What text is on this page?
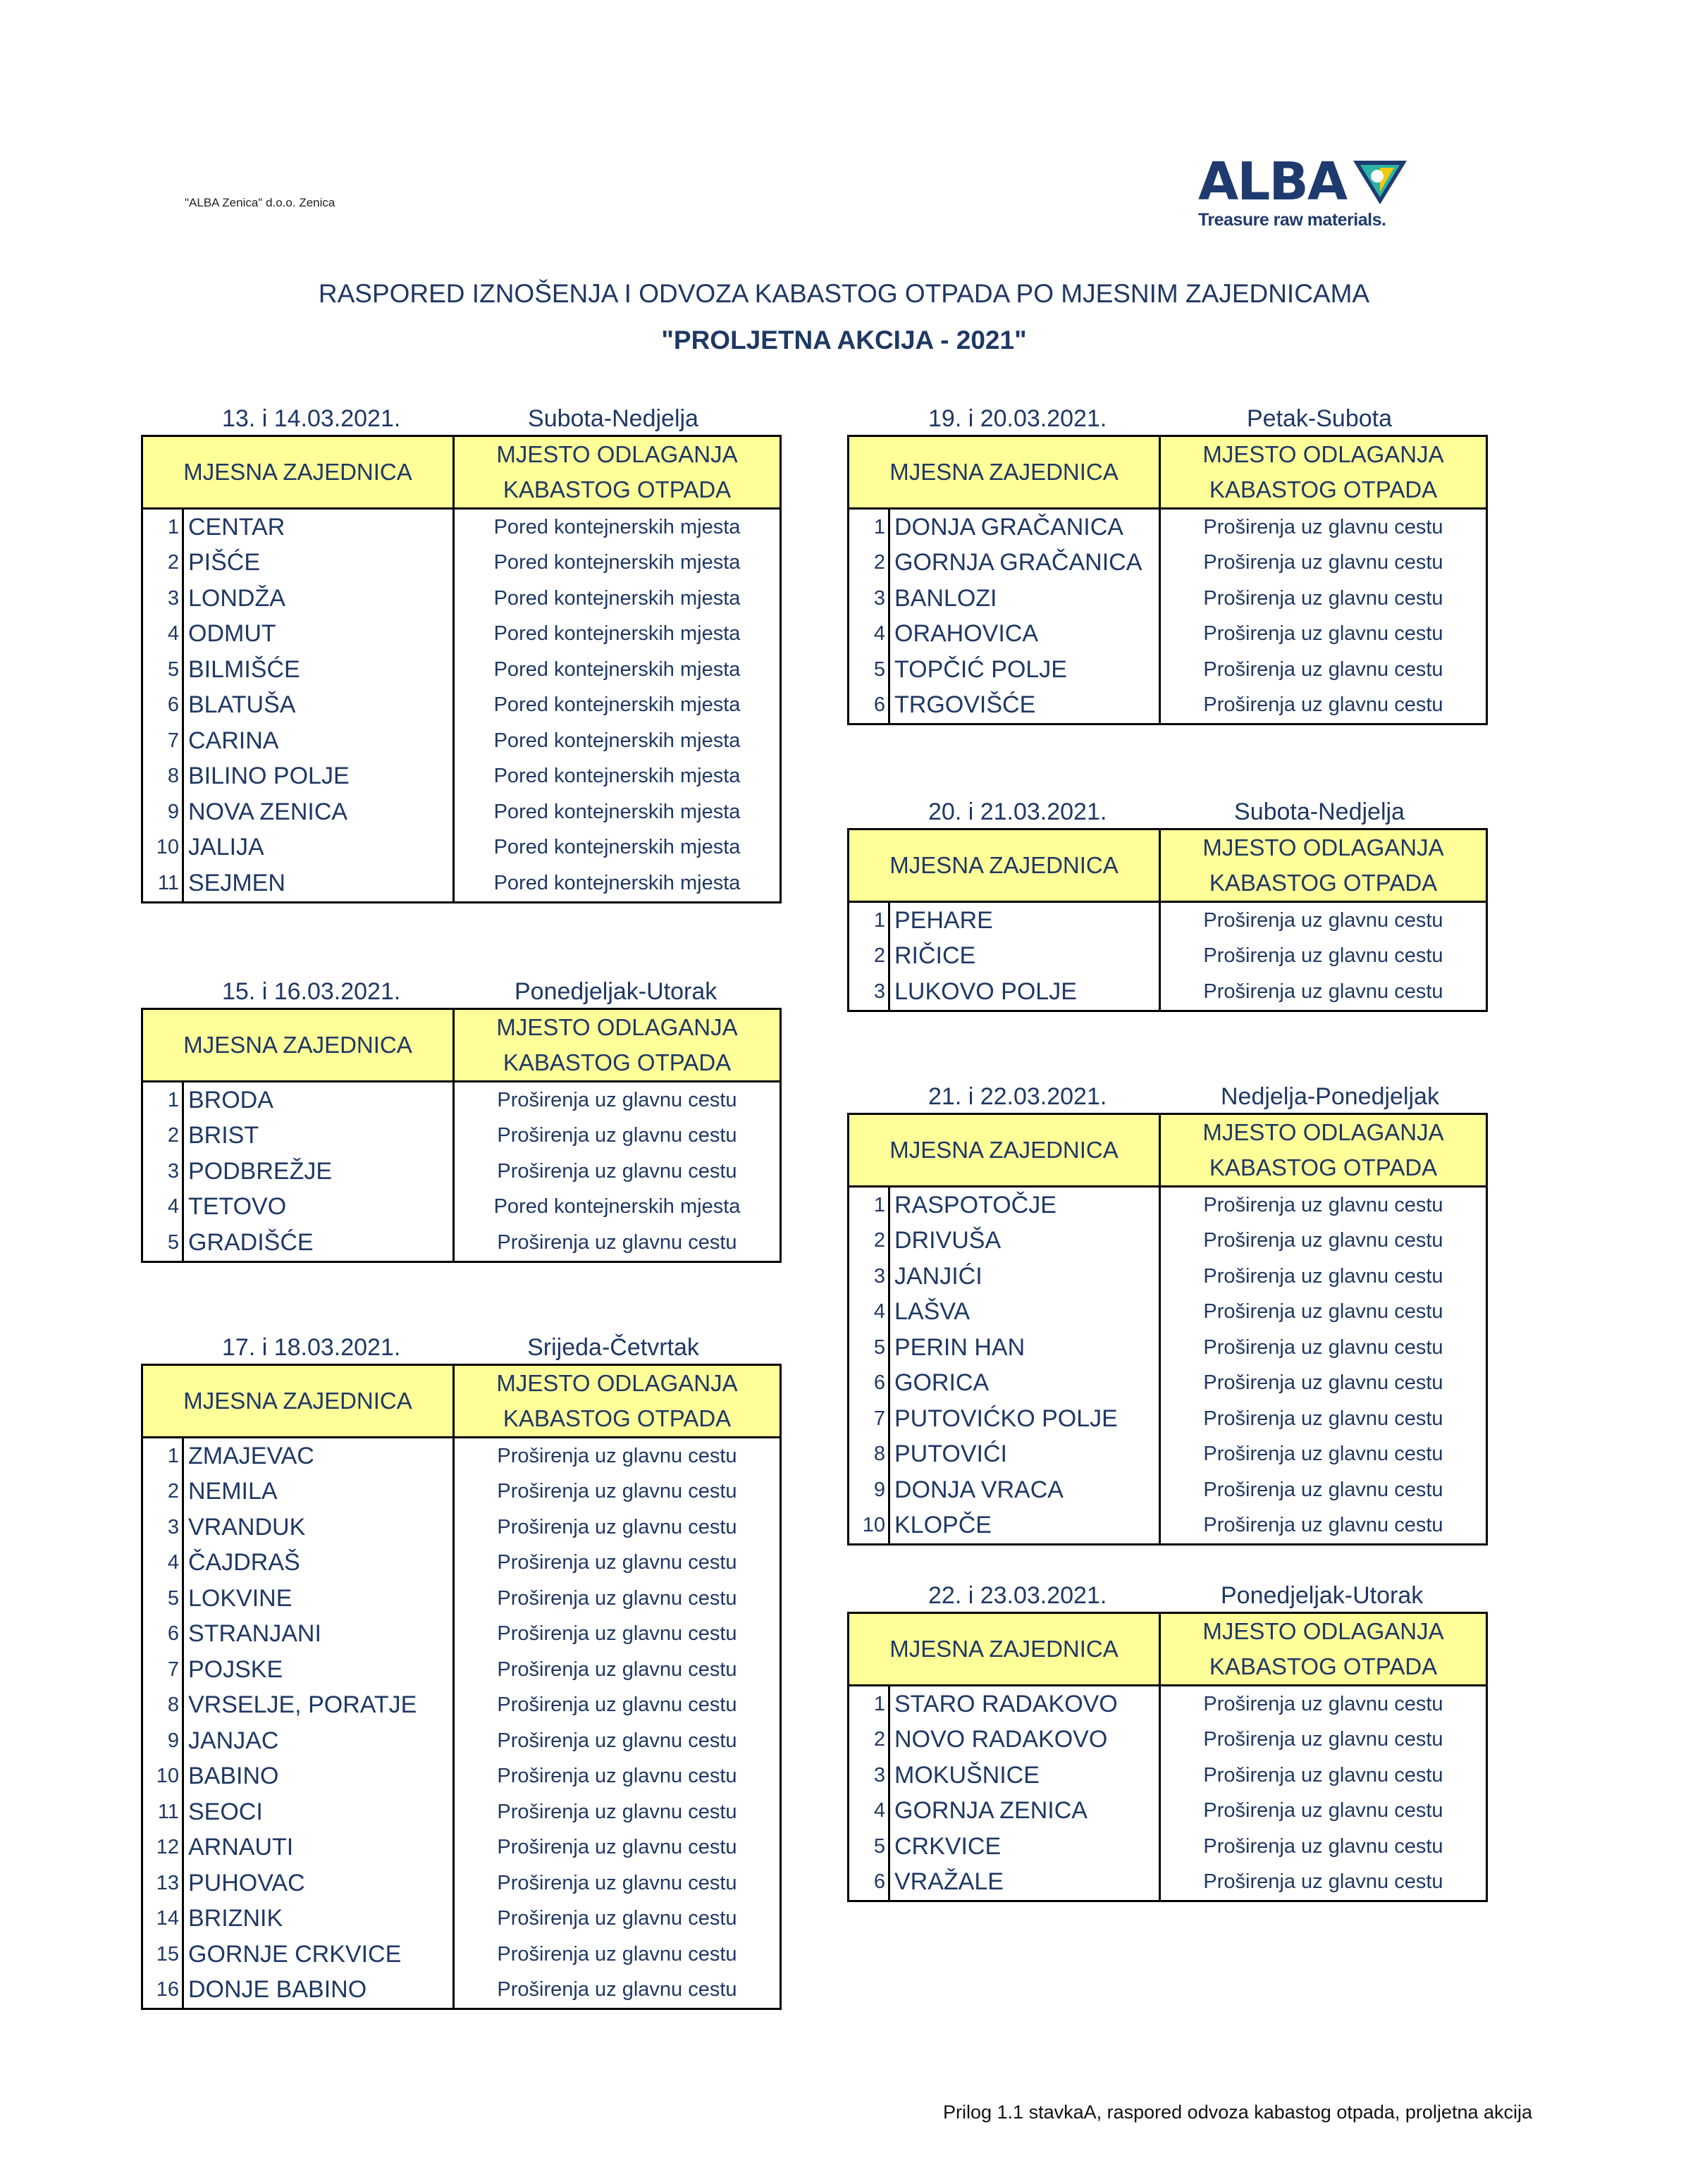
"ALBA Zenica" d.o.o. Zenica	ALBA
Treasure raw materials.
RASPORED IZNOŠENJA I ODVOZA KABASTOG OTPADA PO MJESNIM ZAJEDNICAMA
"PROLJETNA AKCIJA - 2021"
13. i 14.03.2021.	Subota-Nedjelja
MJESNA ZAJEDNICA		MJESTO ODLAGANJA
KABASTOG OTPADA
1	CENTAR	Pored kontejnerskih mjesta
2	PIŠĆE	Pored kontejnerskih mjesta
3	LONDŽA	Pored kontejnerskih mjesta
4	ODMUT	Pored kontejnerskih mjesta
5	BILMIŠĆE	Pored kontejnerskih mjesta
6	BLATUŠA	Pored kontejnerskih mjesta
7	CARINA	Pored kontejnerskih mjesta
8	BILINO POLJE	Pored kontejnerskih mjesta
9	NOVA ZENICA	Pored kontejnerskih mjesta
10	JALIJA	Pored kontejnerskih mjesta
11	SEJMEN	Pored kontejnerskih mjesta
15. i 16.03.2021.	Ponedjeljak-Utorak
MJESNA ZAJEDNICA		MJESTO ODLAGANJA
KABASTOG OTPADA
1	BRODA	Proširenja uz glavnu cestu
2	BRIST	Proširenja uz glavnu cestu
3	PODBREŽJE	Proširenja uz glavnu cestu
4	TETOVO	Pored kontejnerskih mjesta
5	GRADIŠĆE	Proširenja uz glavnu cestu
17. i 18.03.2021.	Srijeda-Četvrtak
MJESNA ZAJEDNICA		MJESTO ODLAGANJA
KABASTOG OTPADA
1	ZMAJEVAC	Proširenja uz glavnu cestu
2	NEMILA	Proširenja uz glavnu cestu
3	VRANDUK	Proširenja uz glavnu cestu
4	ČAJDRAŠ	Proširenja uz glavnu cestu
5	LOKVINE	Proširenja uz glavnu cestu
6	STRANJANI	Proširenja uz glavnu cestu
7	POJSKE	Proširenja uz glavnu cestu
8	VRSELJE, PORATJE	Proširenja uz glavnu cestu
9	JANJAC	Proširenja uz glavnu cestu
10	BABINO	Proširenja uz glavnu cestu
11	SEOCI	Proširenja uz glavnu cestu
12	ARNAUTI	Proširenja uz glavnu cestu
13	PUHOVAC	Proširenja uz glavnu cestu
14	BRIZNIK	Proširenja uz glavnu cestu
15	GORNJE CRKVICE	Proširenja uz glavnu cestu
16	DONJE BABINO	Proširenja uz glavnu cestu
19. i 20.03.2021.	Petak-Subota
MJESNA ZAJEDNICA		MJESTO ODLAGANJA
KABASTOG OTPADA
1	DONJA GRAČANICA	Proširenja uz glavnu cestu
2	GORNJA GRAČANICA	Proširenja uz glavnu cestu
3	BANLOZI	Proširenja uz glavnu cestu
4	ORAHOVICA	Proširenja uz glavnu cestu
5	TOPČIĆ POLJE	Proširenja uz glavnu cestu
6	TRGOVIŠĆE	Proširenja uz glavnu cestu
20. i 21.03.2021.	Subota-Nedjelja
MJESNA ZAJEDNICA		MJESTO ODLAGANJA
KABASTOG OTPADA
1	PEHARE	Proširenja uz glavnu cestu
2	RIČICE	Proširenja uz glavnu cestu
3	LUKOVO POLJE	Proširenja uz glavnu cestu
21. i 22.03.2021.	Nedjelja-Ponedjeljak
MJESNA ZAJEDNICA		MJESTO ODLAGANJA
KABASTOG OTPADA
1	RASPOTOČJE	Proširenja uz glavnu cestu
2	DRIVUŠA	Proširenja uz glavnu cestu
3	JANJIĆI	Proširenja uz glavnu cestu
4	LAŠVA	Proširenja uz glavnu cestu
5	PERIN HAN	Proširenja uz glavnu cestu
6	GORICA	Proširenja uz glavnu cestu
7	PUTOVIĆKO POLJE	Proširenja uz glavnu cestu
8	PUTOVIĆI	Proširenja uz glavnu cestu
9	DONJA VRACA	Proširenja uz glavnu cestu
10	KLOPČE	Proširenja uz glavnu cestu
22. i 23.03.2021.	Ponedjeljak-Utorak
MJESNA ZAJEDNICA		MJESTO ODLAGANJA
KABASTOG OTPADA
1	STARO RADAKOVO	Proširenja uz glavnu cestu
2	NOVO RADAKOVO	Proširenja uz glavnu cestu
3	MOKUŠNICE	Proširenja uz glavnu cestu
4	GORNJA ZENICA	Proširenja uz glavnu cestu
5	CRKVICE	Proširenja uz glavnu cestu
6	VRAŽALE	Proširenja uz glavnu cestu
Prilog 1.1 stavkaA, raspored odvoza kabastog otpada, proljetna akcija
